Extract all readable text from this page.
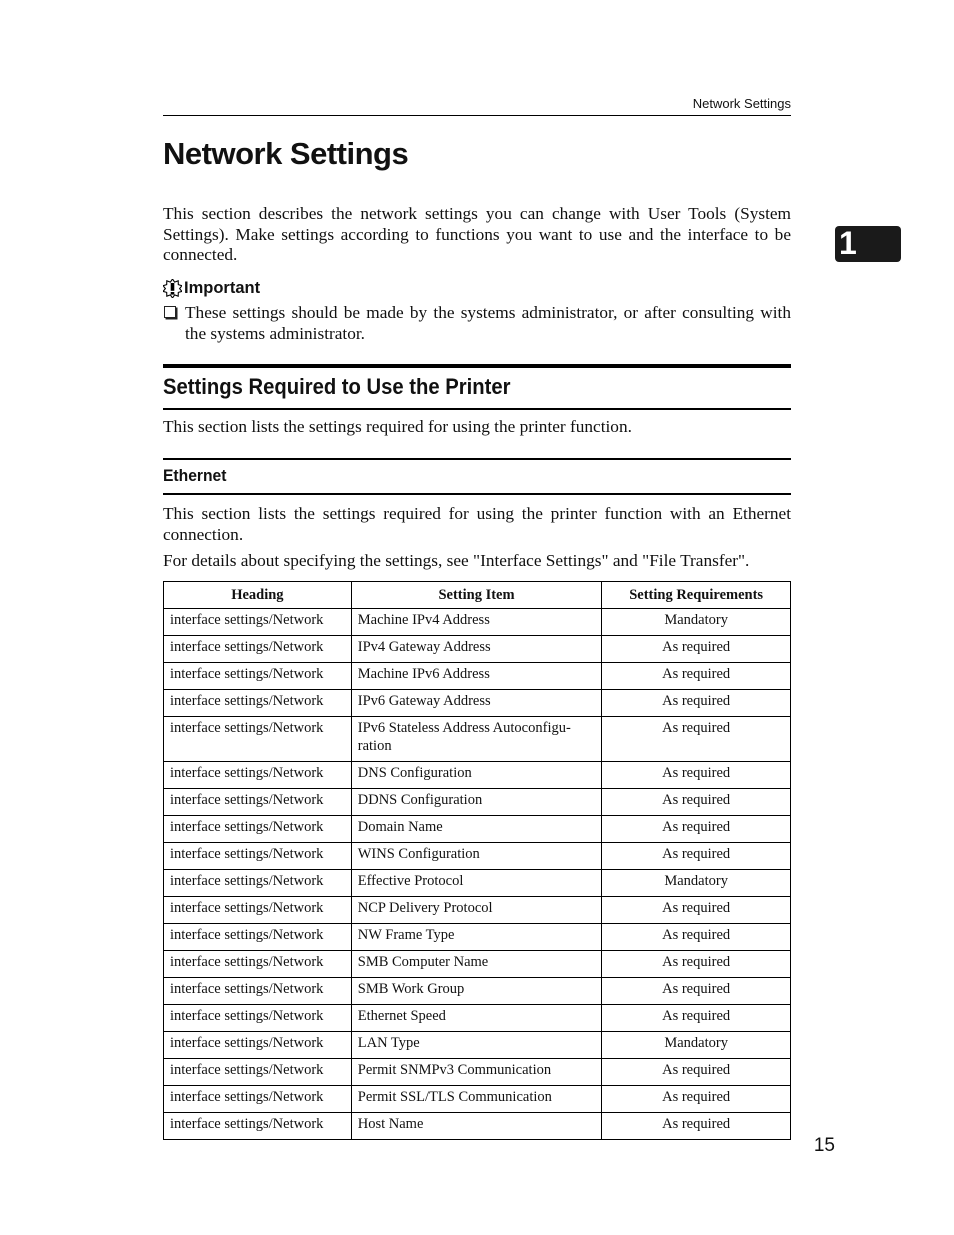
Network Settings
1
Network Settings

This section describes the network settings you can change with User Tools (System Settings). Make settings according to functions you want to use and the interface to be connected.

Important

These settings should be made by the systems administrator, or after consulting with the systems administrator.

Settings Required to Use the Printer

This section lists the settings required for using the printer function.

Ethernet

This section lists the settings required for using the printer function with an Ethernet connection.

For details about specifying the settings, see "Interface Settings" and "File Transfer".

Heading	Setting Item	Setting Requirements
interface settings/Network	Machine IPv4 Address	Mandatory
interface settings/Network	IPv4 Gateway Address	As required
interface settings/Network	Machine IPv6 Address	As required
interface settings/Network	IPv6 Gateway Address	As required
interface settings/Network	IPv6 Stateless Address Autoconfigu-ration	As required
interface settings/Network	DNS Configuration	As required
interface settings/Network	DDNS Configuration	As required
interface settings/Network	Domain Name	As required
interface settings/Network	WINS Configuration	As required
interface settings/Network	Effective Protocol	Mandatory
interface settings/Network	NCP Delivery Protocol	As required
interface settings/Network	NW Frame Type	As required
interface settings/Network	SMB Computer Name	As required
interface settings/Network	SMB Work Group	As required
interface settings/Network	Ethernet Speed	As required
interface settings/Network	LAN Type	Mandatory
interface settings/Network	Permit SNMPv3 Communication	As required
interface settings/Network	Permit SSL/TLS Communication	As required
interface settings/Network	Host Name	As required
15
